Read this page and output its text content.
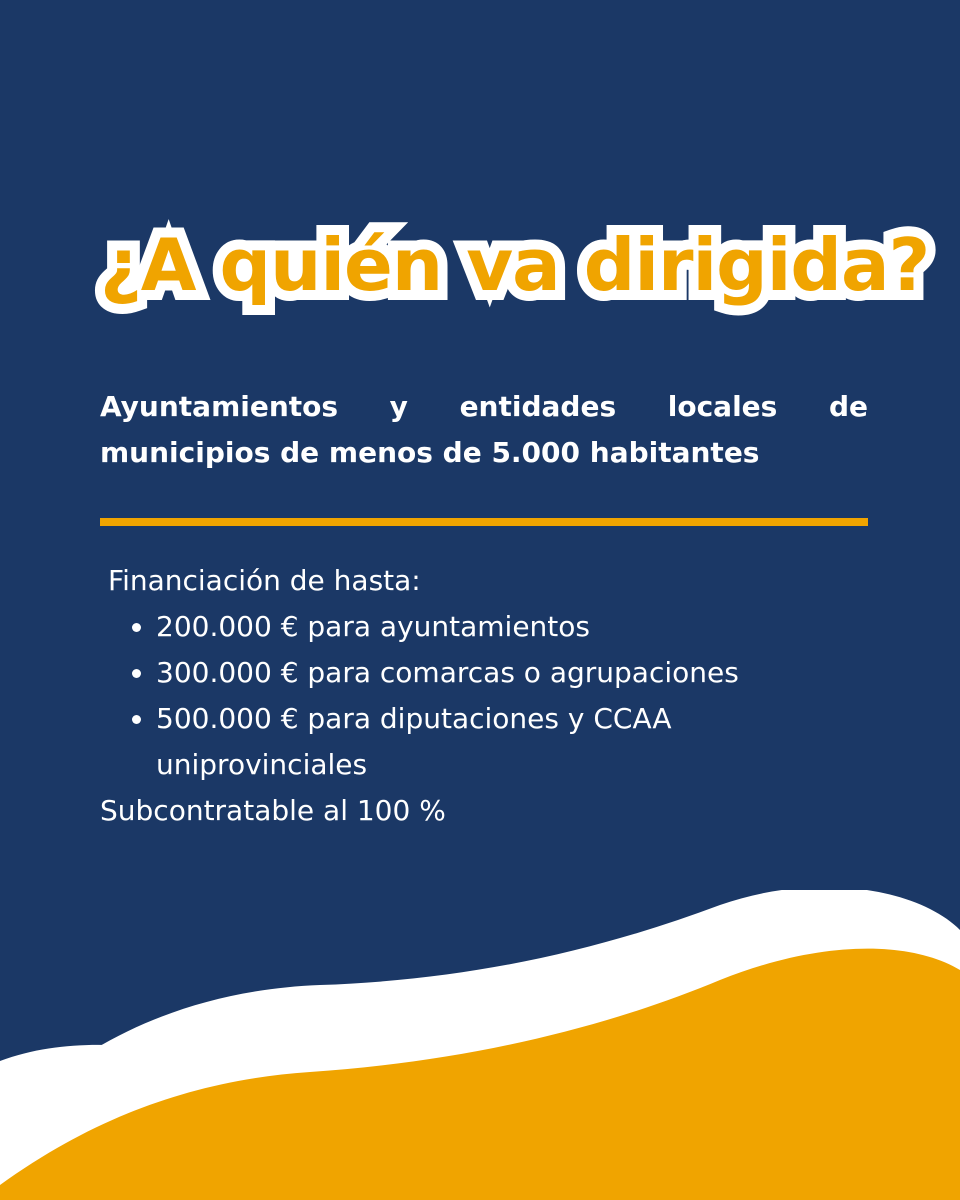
¿A quién va dirigida?

Ayuntamientos y entidades locales de municipios de menos de 5.000 habitantes

Financiación de hasta:

• 200.000 € para ayuntamientos
• 300.000 € para comarcas o agrupaciones
• 500.000 € para diputaciones y CCAA uniprovinciales

Subcontratable al 100 %
